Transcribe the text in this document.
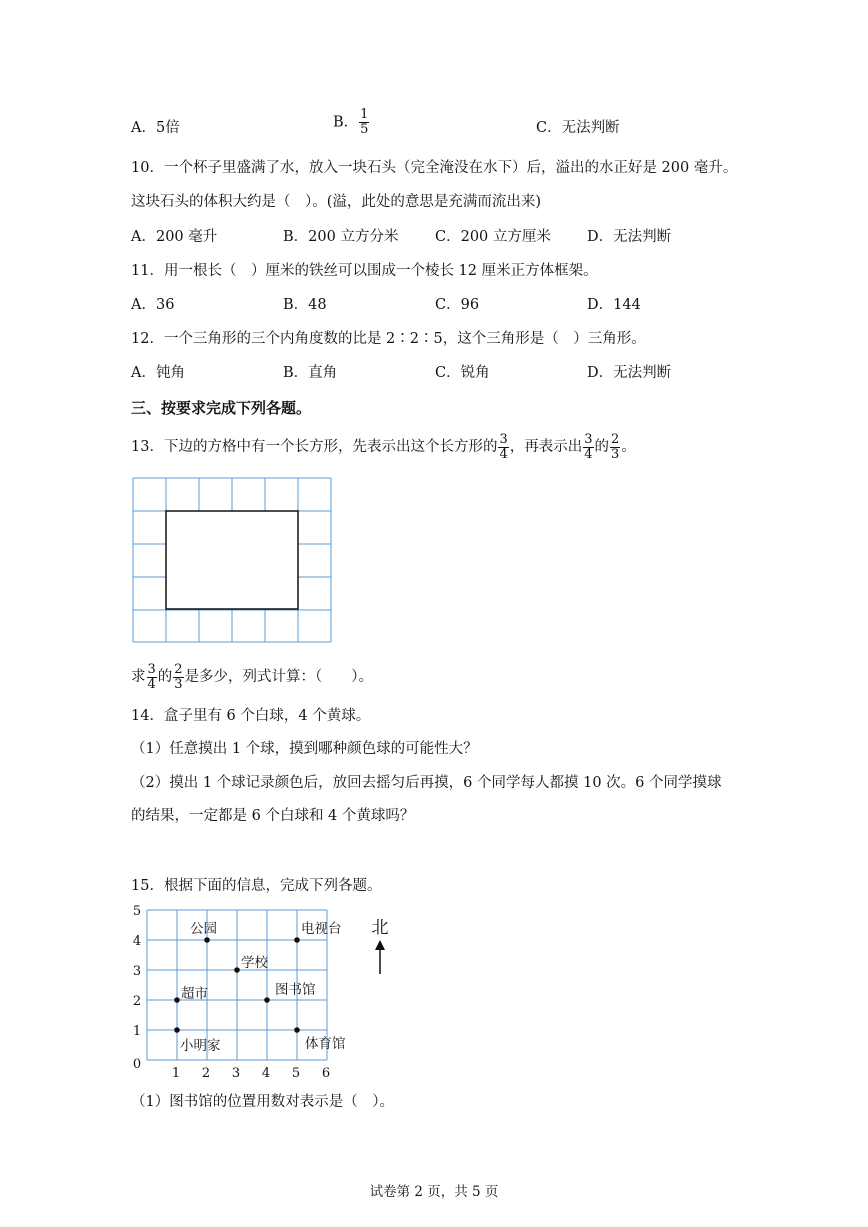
A．5倍	B． $\frac{1}{5}$	C．无法判断
10．一个杯子里盛满了水，放入一块石头（完全淹没在水下）后，溢出的水正好是 200 毫升。
这块石头的体积大约是（　）。(溢，此处的意思是充满而流出来)
A．200 毫升	B．200 立方分米	C．200 立方厘米 D．无法判断
11．用一根长（　）厘米的铁丝可以围成一个棱长 12 厘米正方体框架。
A．36	B．48	C．96	D．144
12．一个三角形的三个内角度数的比是 2∶2∶5，这个三角形是（　）三角形。
A．钝角	B．直角	C．锐角	D．无法判断
三、按要求完成下列各题。
13．下边的方格中有一个长方形，先表示出这个长方形的 $\frac{3}{4}$ ，再表示出 $\frac{3}{4}$ 的 $\frac{2}{3}$ 。
求 $\frac{3}{4}$ 的 $\frac{2}{3}$ 是多少，列式计算：（　　）。
14．盒子里有 6 个白球，4 个黄球。
（1）任意摸出 1 个球，摸到哪种颜色球的可能性大？
（2）摸出 1 个球记录颜色后，放回去摇匀后再摸，6 个同学每人都摸 10 次。6 个同学摸球
的结果，一定都是 6 个白球和 4 个黄球吗？
15．根据下面的信息，完成下列各题。
1 2 3 4 5 6
0
1
2
3
4
5
公园	电视台
学校
超市	图书馆
小明家	体育馆
北
（1）图书馆的位置用数对表示是（　）。
试卷第 2 页，共 5 页
